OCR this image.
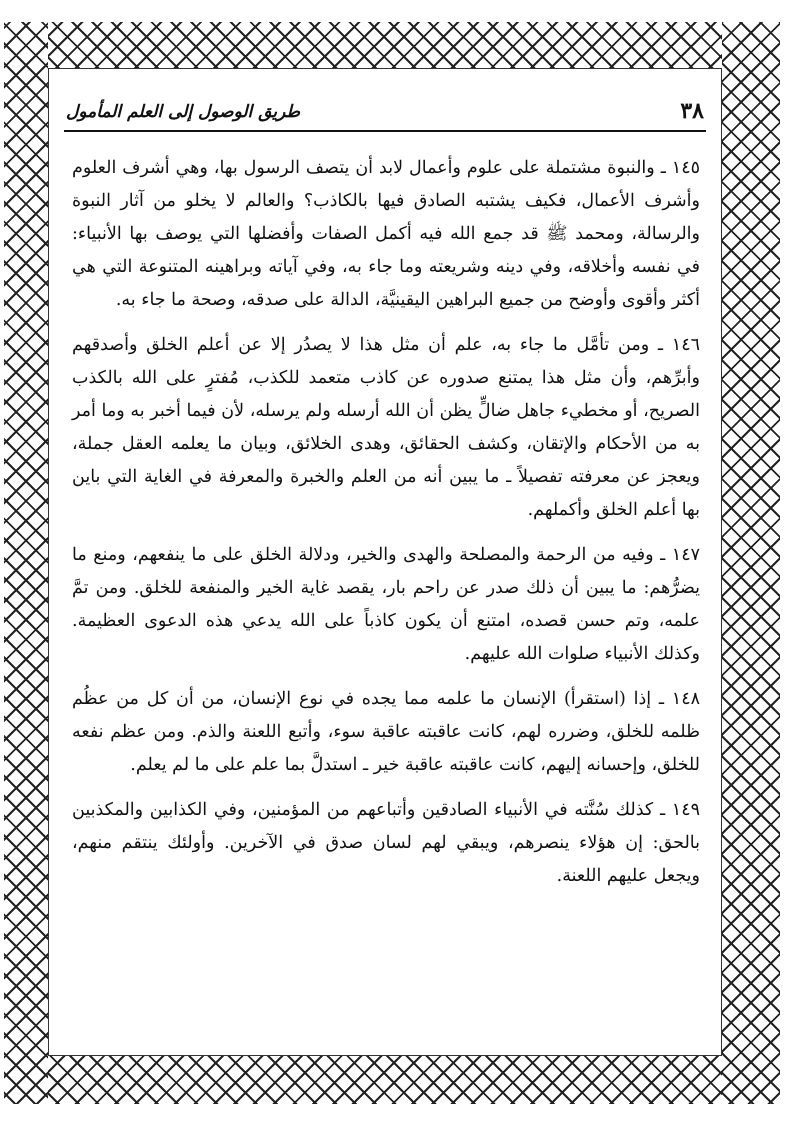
٣٨
طريق الوصول إلى العلم المأمول

١٤٥ ـ والنبوة مشتملة على علوم وأعمال لابد أن يتصف الرسول بها، وهي أشرف العلوم وأشرف الأعمال، فكيف يشتبه الصادق فيها بالكاذب؟ والعالم لا يخلو من آثار النبوة والرسالة، ومحمد ﷺ قد جمع الله فيه أكمل الصفات وأفضلها التي يوصف بها الأنبياء: في نفسه وأخلاقه، وفي دينه وشريعته وما جاء به، وفي آياته وبراهينه المتنوعة التي هي أكثر وأقوى وأوضح من جميع البراهين اليقينيَّة، الدالة على صدقه، وصحة ما جاء به.

١٤٦ ـ ومن تأمَّل ما جاء به، علم أن مثل هذا لا يصدُر إلا عن أعلم الخلق وأصدقهم وأبرِّهم، وأن مثل هذا يمتنع صدوره عن كاذب متعمد للكذب، مُفترٍ على الله بالكذب الصريح، أو مخطيء جاهل ضالٍّ يظن أن الله أرسله ولم يرسله، لأن فيما أخبر به وما أمر به من الأحكام والإتقان، وكشف الحقائق، وهدى الخلائق، وبيان ما يعلمه العقل جملة، ويعجز عن معرفته تفصيلاً ـ ما يبين أنه من العلم والخبرة والمعرفة في الغاية التي باين بها أعلم الخلق وأكملهم.

١٤٧ ـ وفيه من الرحمة والمصلحة والهدى والخير، ودلالة الخلق على ما ينفعهم، ومنع ما يضرُّهم: ما يبين أن ذلك صدر عن راحم بار، يقصد غاية الخير والمنفعة للخلق. ومن تمَّ علمه، وتم حسن قصده، امتنع أن يكون كاذباً على الله يدعي هذه الدعوى العظيمة. وكذلك الأنبياء صلوات الله عليهم.

١٤٨ ـ إذا (استقرأ) الإنسان ما علمه مما يجده في نوع الإنسان، من أن كل من عظُم ظلمه للخلق، وضرره لهم، كانت عاقبته عاقبة سوء، وأتبع اللعنة والذم. ومن عظم نفعه للخلق، وإحسانه إليهم، كانت عاقبته عاقبة خير ـ استدلَّ بما علم على ما لم يعلم.

١٤٩ ـ كذلك سُنَّته في الأنبياء الصادقين وأتباعهم من المؤمنين، وفي الكذابين والمكذبين بالحق: إن هؤلاء ينصرهم، ويبقي لهم لسان صدق في الآخرين. وأولئك ينتقم منهم، ويجعل عليهم اللعنة.
